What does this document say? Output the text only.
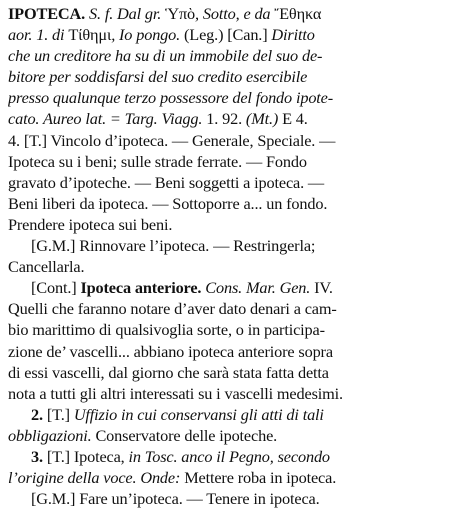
IPOTECA. S. f. Dal gr. Ὑπὸ, Sotto, e da Ἔθηκα
aor. 1. di Τίθημι, Io pongo. (Leg.) [Can.] Diritto
che un creditore ha su di un immobile del suo de-
bitore per soddisfarsi del suo credito esercibile
presso qualunque terzo possessore del fondo ipote-
cato. Aureo lat. = Targ. Viagg. 1. 92. (Mt.) E 4.
4. [T.] Vincolo d’ipoteca. — Generale, Speciale. —
Ipoteca su i beni; sulle strade ferrate. — Fondo
gravato d’ipoteche. — Beni soggetti a ipoteca. —
Beni liberi da ipoteca. — Sottoporre a... un fondo.
Prendere ipoteca sui beni.
[G.M.] Rinnovare l’ipoteca. — Restringerla;
Cancellarla.
[Cont.] Ipoteca anteriore. Cons. Mar. Gen. IV.
Quelli che faranno notare d’aver dato denari a cam-
bio marittimo di qualsivoglia sorte, o in participa-
zione de’ vascelli... abbiano ipoteca anteriore sopra
di essi vascelli, dal giorno che sarà stata fatta detta
nota a tutti gli altri interessati su i vascelli medesimi.
2. [T.] Uffizio in cui conservansi gli atti di tali
obbligazioni. Conservatore delle ipoteche.
3. [T.] Ipoteca, in Tosc. anco il Pegno, secondo
l’origine della voce. Onde: Mettere roba in ipoteca.
[G.M.] Fare un’ipoteca. — Tenere in ipoteca.
